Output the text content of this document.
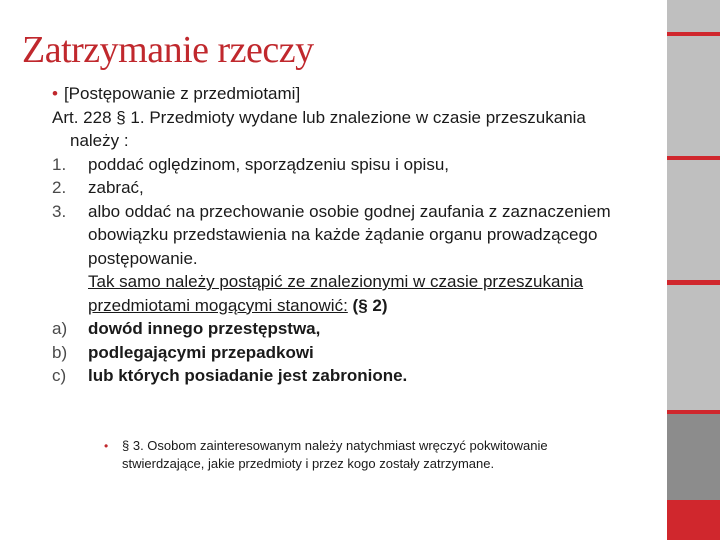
Zatrzymanie rzeczy

• [Postępowanie z przedmiotami]

Art. 228 § 1. Przedmioty wydane lub znalezione w czasie przeszukania należy :

1.	poddać oględzinom, sporządzeniu spisu i opisu,
2.	zabrać,
3.	albo oddać na przechowanie osobie godnej zaufania z zaznaczeniem obowiązku przedstawienia na każde żądanie organu prowadzącego postępowanie.

Tak samo należy postąpić ze znalezionymi w czasie przeszukania przedmiotami mogącymi stanowić: (§ 2)

a)	dowód innego przestępstwa,
b)	podlegającymi przepadkowi
c)	lub których posiadanie jest zabronione.
•	§ 3. Osobom zainteresowanym należy natychmiast wręczyć pokwitowanie stwierdzające, jakie przedmioty i przez kogo zostały zatrzymane.
